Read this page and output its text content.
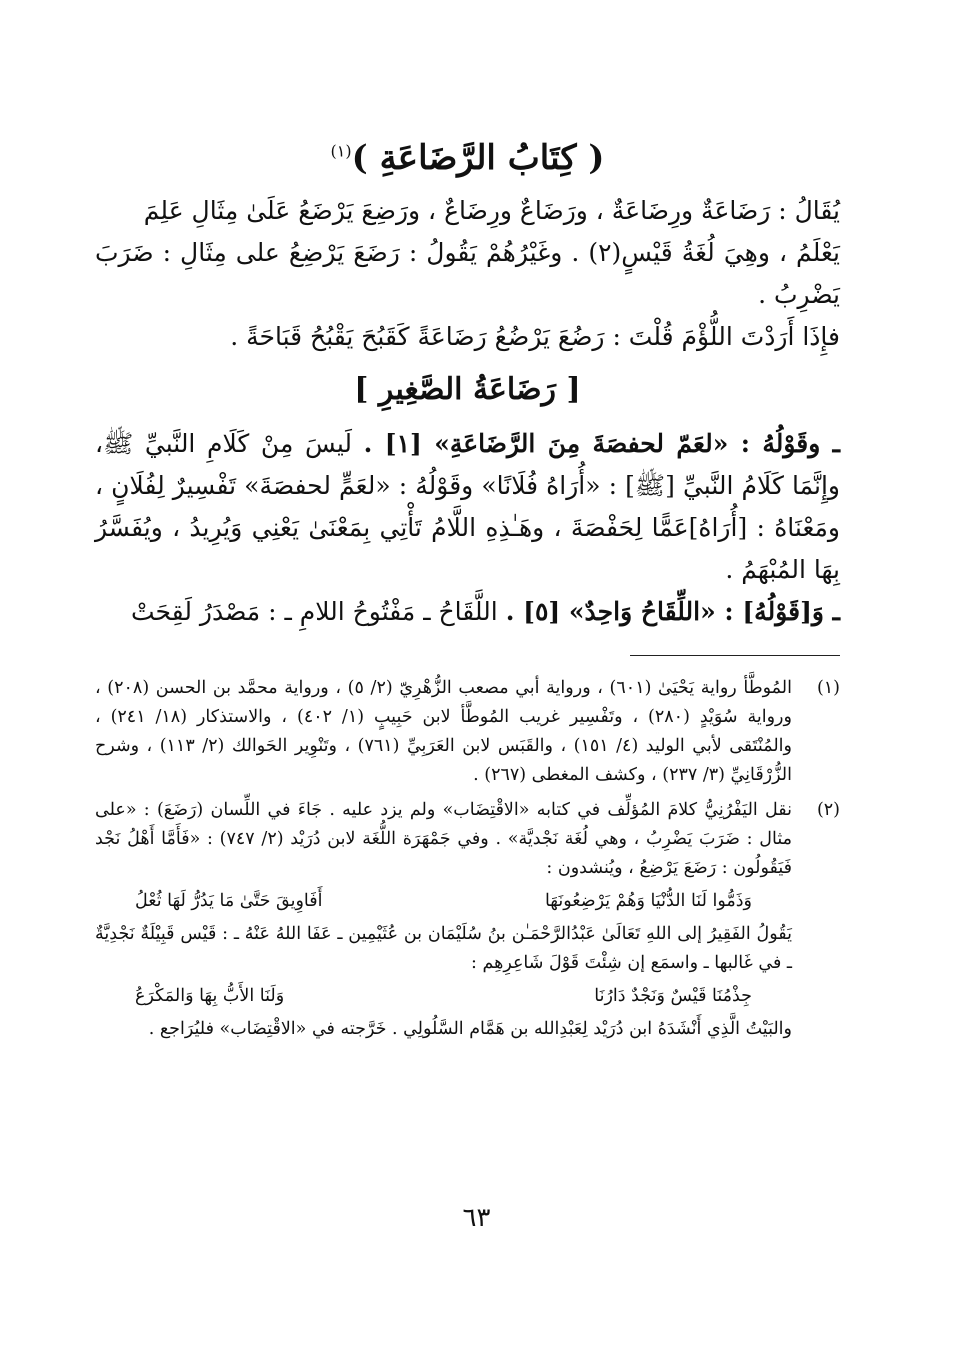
( كِتَابُ الرَّضَاعَةِ )$^{(١)}$

يُقَالُ : رَضَاعَةٌ ورِضَاعَةٌ ، ورَضَاعٌ ورِضَاعٌ ، ورَضِعَ يَرْضَعُ عَلَىٰ مِثَالِ عَلِمَ

يَعْلَمُ ، وهِيَ لُغَةُ قَيْسٍ(٢) . وغَيْرُهُمْ يَقُولُ : رَضَعَ يَرْضِعُ على مِثَالِ : ضَرَبَ يَضْرِبُ .

فإِذَا أَرَدْتَ اللُّؤْمَ قُلْتَ : رَضُعَ يَرْضُعُ رَضَاعَةً كَقَبُحَ يَقْبُحُ قَبَاحَةً .

[ رَضَاعَةُ الصَّغِيرِ ]

ـ وقَوْلُهُ : «لعَمّ لحفصَةَ مِنَ الرَّضَاعَةِ» [١] . لَيسَ مِنْ كَلَامِ النَّبيِّ ﷺ، وإِنَّمَا كَلَامُ النَّبيِّ [ﷺ] : «أُرَاهُ فُلَانًا» وقَوْلُهُ : «لعَمٍّ لحفصَةَ» تَفْسِيرٌ لِفُلَانٍ ، ومَعْنَاهُ : [أُرَاهُ]عَمًّا لِحَفْصَةَ ، وهَـٰذِهِ اللَّامُ تَأْتِي بِمَعْنَىٰ يَعْنِي وَيُرِيدُ ، ويُفَسَّرُ بِهَا المُبْهَمُ .

ـ وَ[قَوْلُهُ] : «اللِّقَاحُ وَاحِدٌ» [٥] . اللَّقَاحُ ـ مَفْتُوحُ اللامِ ـ : مَصْدَرُ لَقِحَتْ

(١)

المُوطَّأ رواية يَحْيَىٰ (٦٠١) ، ورواية أبي مصعب الزُّهْرِيّ (٢/ ٥) ، ورواية محمَّد بن الحسن (٢٠٨) ، ورواية سُوَيْدٍ (٢٨٠) ، وتَفْسِير غريب المُوطَّأ لابن حَبِيبٍ (١/ ٤٠٢) ، والاستذكار (١٨/ ٢٤١) ، والمُنْتَقى لأبي الوليد (٤/ ١٥١) ، والقَبَس لابن العَرَبِيِّ (٧٦١) ، وتَنْوِير الحَوالك (٢/ ١١٣) ، وشرح الزُّرْقَانِيِّ (٣/ ٢٣٧) ، وكشف المغطى (٢٦٧) .

(٢)

نقل اليَفْرُنِيُّ كلامَ المُؤلِّف في كتابه «الاقْتِضَاب» ولم يزد عليه . جَاءَ في اللِّسان (رَضَعَ) : «على مثال : ضَرَبَ يَضْرِبُ ، وهي لُغَة نَجْديَّة» . وفي جَمْهَرَة اللُّغَة لابن دُرَيْد (٢/ ٧٤٧) : «فَأَمَّا أَهْلُ نَجْد فَيَقُولُون : رَضَعَ يَرْضِعُ ، ويُنشدون :

وَذَمُّوا لَنَا الدُّنْيَا وَهُمْ يَرْضِعُونَهَا
أَفَاوِيقَ حَتَّىٰ مَا يَدُرُّ لَهَا ثُعْلُ

يَقُولُ الفَقِيرُ إلى اللهِ تَعَالَىٰ عَبْدُالرَّحْمَـٰن بنُ سُلَيْمَان بن عُثَيْمِين ـ عَفَا اللهُ عَنْهُ ـ : قَيْس قَبِيْلَةٌ نَجْدِيَّةٌ ـ في غَالبها ـ واسمَع إن شِئْتَ قَوْلَ شَاعِرِهِم :

جِذْمُنَا قَيْسٌ وَنَجْدٌ دَارُنَا
وَلَنَا الأَبُّ بِهَا وَالمَكْرَعُ

والبَيْتُ الَّذِي أَنْشَدَهُ ابن دُرَيْد لِعَبْدِالله بن هَمَّام السَّلُولِي . خَرَّجته في «الاقْتِضَاب» فليُرَاجع .

٦٣
